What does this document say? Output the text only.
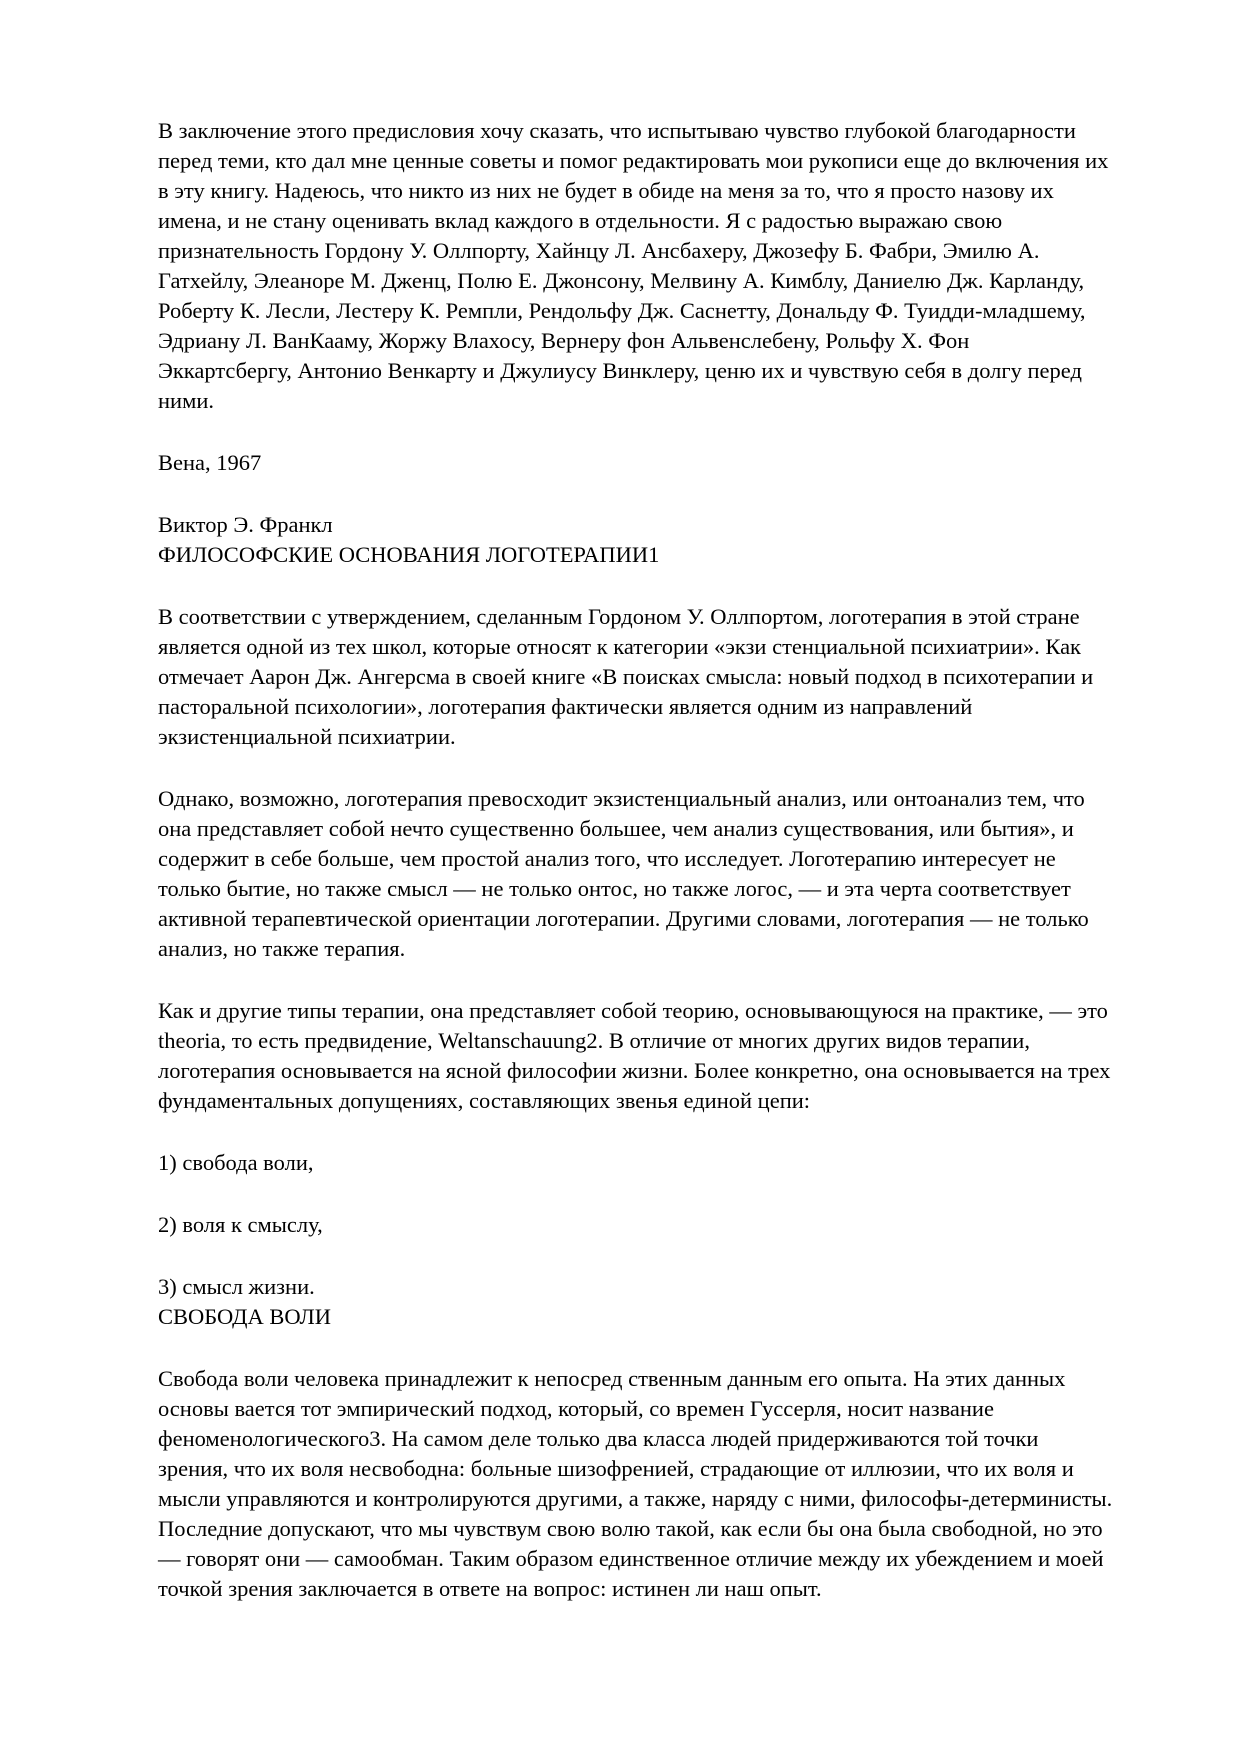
В заключение этого предисловия хочу сказать, что испытываю чувство глубокой благодарности
перед теми, кто дал мне ценные советы и помог редактировать мои рукописи еще до включения их
в эту книгу. Надеюсь, что никто из них не будет в обиде на меня за то, что я просто назову их
имена, и не стану оценивать вклад каждого в отдельности. Я с радостью выражаю свою
признательность Гордону У. Оллпорту, Хайнцу Л. Ансбахеру, Джозефу Б. Фабри, Эмилю А.
Гатхейлу, Элеаноре М. Дженц, Полю Е. Джонсону, Мелвину А. Кимблу, Даниелю Дж. Карланду,
Роберту К. Лесли, Лестеру К. Ремпли, Рендольфу Дж. Саснетту, Дональду Ф. Туидди-младшему,
Эдриану Л. ВанКааму, Жоржу Влахосу, Вернеру фон Альвенслебену, Рольфу Х. Фон
Эккартсбергу, Антонио Венкарту и Джулиусу Винклеру, ценю их и чувствую себя в долгу перед
ними.

Вена, 1967

Виктор Э. Франкл
ФИЛОСОФСКИЕ ОСНОВАНИЯ ЛОГОТЕРАПИИ1

В соответствии с утверждением, сделанным Гордоном У. Оллпортом, логотерапия в этой стране
является одной из тех школ, которые относят к категории «экзи стенциальной психиатрии». Как
отмечает Аарон Дж. Ангерсма в своей книге «В поисках смысла: новый подход в психотерапии и
пасторальной психологии», логотерапия фактически является одним из направлений
экзистенциальной психиатрии.

Однако, возможно, логотерапия превосходит экзистенциальный анализ, или онтоанализ тем, что
она представляет собой нечто существенно большее, чем анализ существования, или бытия», и
содержит в себе больше, чем простой анализ того, что исследует. Логотерапию интересует не
только бытие, но также смысл — не только онтос, но также логос, — и эта черта соответствует
активной терапевтической ориентации логотерапии. Другими словами, логотерапия — не только
анализ, но также терапия.

Как и другие типы терапии, она представляет собой теорию, основывающуюся на практике, — это
theoria, то есть предвидение, Weltanschauung2. В отличие от многих других видов терапии,
логотерапия основывается на ясной философии жизни. Более конкретно, она основывается на трех
фундаментальных допущениях, составляющих звенья единой цепи:

1) свобода воли,

2) воля к смыслу,

3) смысл жизни.
СВОБОДА ВОЛИ

Свобода воли человека принадлежит к непосред ственным данным его опыта. На этих данных
основы вается тот эмпирический подход, который, со времен Гуссерля, носит название
феноменологического3. На самом деле только два класса людей придерживаются той точки
зрения, что их воля несвободна: больные шизофренией, страдающие от иллюзии, что их воля и
мысли управляются и контролируются другими, а также, наряду с ними, философы-детерминисты.
Последние допускают, что мы чувствум свою волю такой, как если бы она была свободной, но это
— говорят они — самообман. Таким образом единственное отличие между их убеждением и моей
точкой зрения заключается в ответе на вопрос: истинен ли наш опыт.
